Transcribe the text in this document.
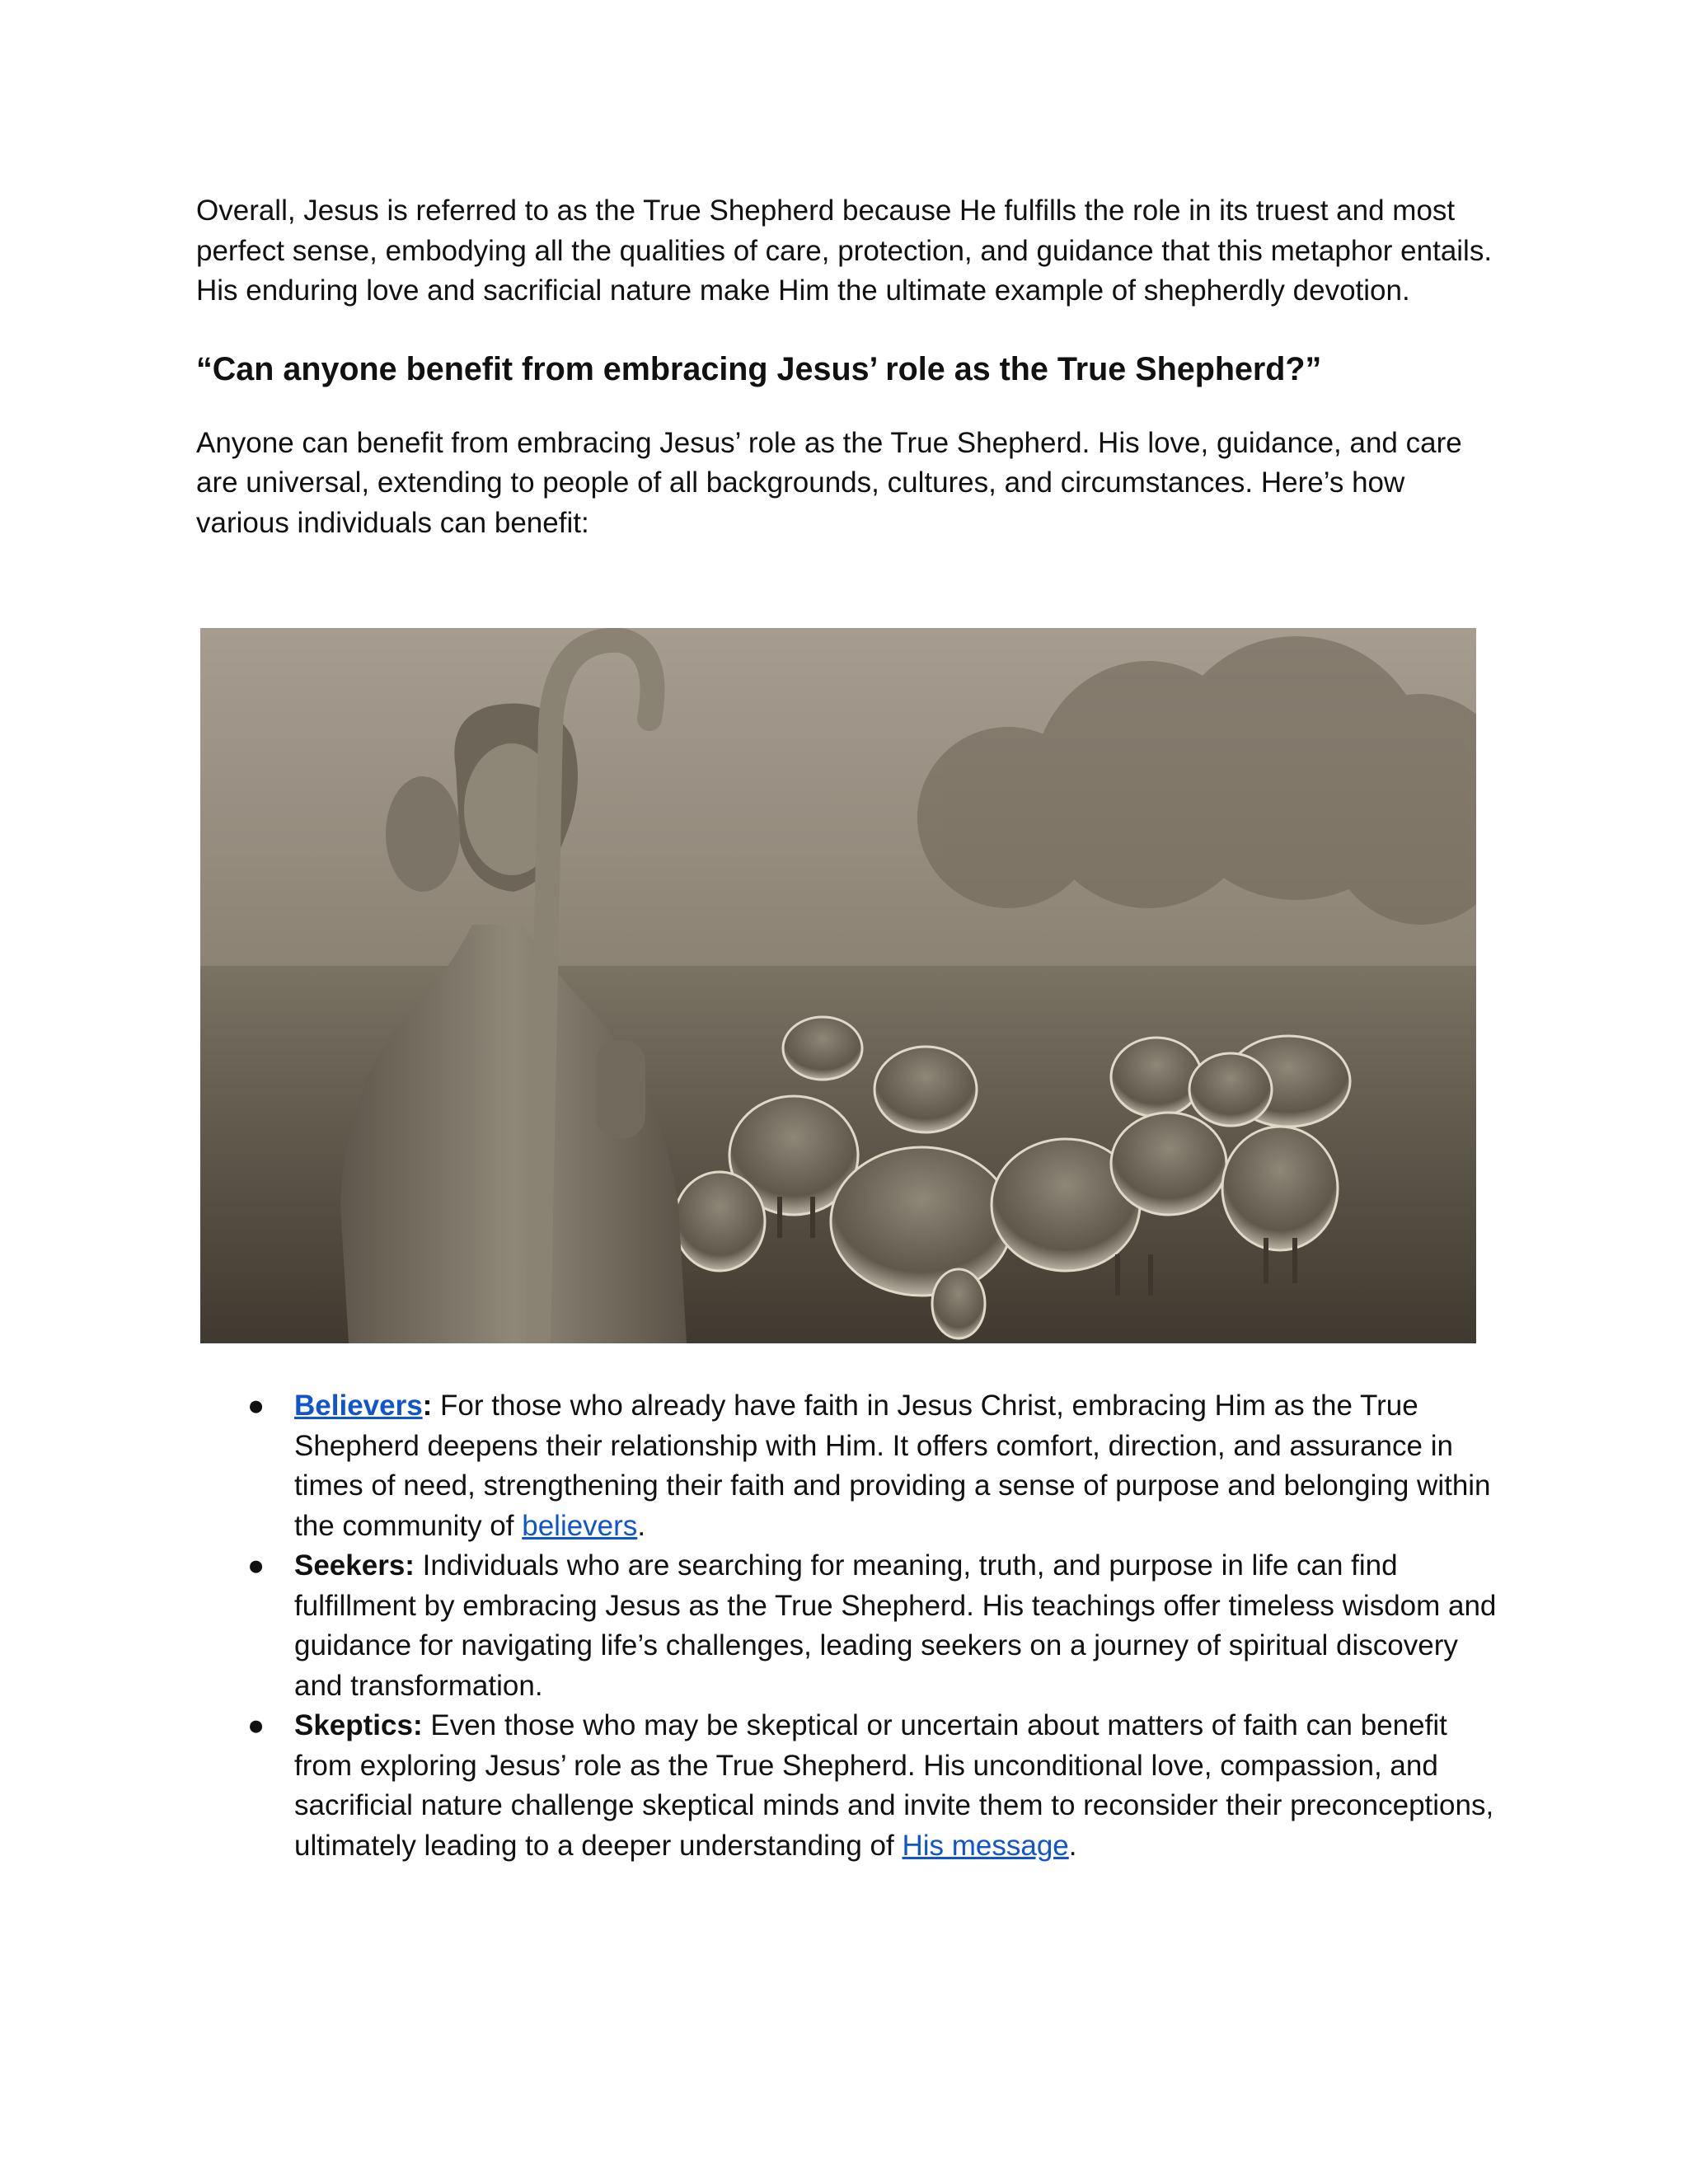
Overall, Jesus is referred to as the True Shepherd because He fulfills the role in its truest and most perfect sense, embodying all the qualities of care, protection, and guidance that this metaphor entails. His enduring love and sacrificial nature make Him the ultimate example of shepherdly devotion.

“Can anyone benefit from embracing Jesus’ role as the True Shepherd?”

Anyone can benefit from embracing Jesus’ role as the True Shepherd. His love, guidance, and care are universal, extending to people of all backgrounds, cultures, and circumstances. Here’s how various individuals can benefit:

● Believers: For those who already have faith in Jesus Christ, embracing Him as the True Shepherd deepens their relationship with Him. It offers comfort, direction, and assurance in times of need, strengthening their faith and providing a sense of purpose and belonging within the community of believers.
● Seekers: Individuals who are searching for meaning, truth, and purpose in life can find fulfillment by embracing Jesus as the True Shepherd. His teachings offer timeless wisdom and guidance for navigating life’s challenges, leading seekers on a journey of spiritual discovery and transformation.
● Skeptics: Even those who may be skeptical or uncertain about matters of faith can benefit from exploring Jesus’ role as the True Shepherd. His unconditional love, compassion, and sacrificial nature challenge skeptical minds and invite them to reconsider their preconceptions, ultimately leading to a deeper understanding of His message.
